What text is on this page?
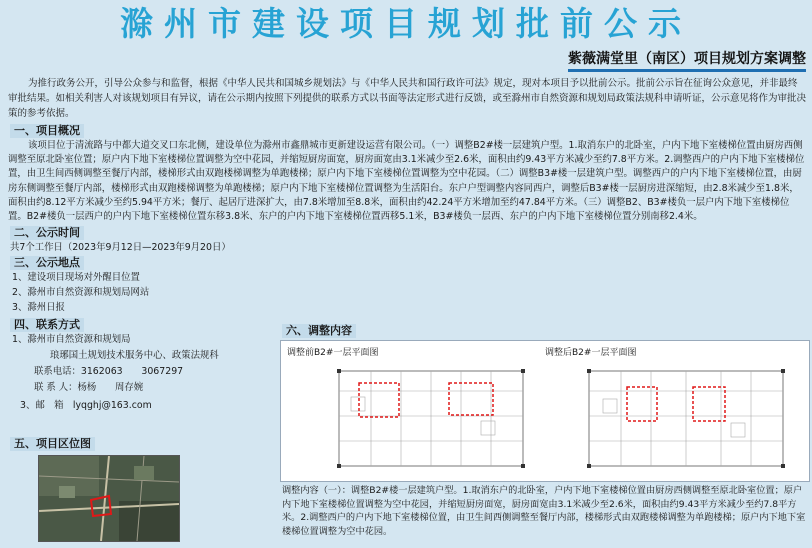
滁州市建设项目规划批前公示
紫薇满堂里（南区）项目规划方案调整

为推行政务公开，引导公众参与和监督，根据《中华人民共和国城乡规划法》与《中华人民共和国行政许可法》规定，现对本项目予以批前公示。批前公示旨在征询公众意见，并非最终审批结果。如相关利害人对该规划项目有异议，请在公示期内按照下列提供的联系方式以书面等法定形式进行反馈，或至滁州市自然资源和规划局政策法规科申请听证，公示意见将作为审批决策的参考依据。

一、项目概况

该项目位于清流路与中都大道交叉口东北侧，建设单位为滁州市鑫鼎城市更新建设运营有限公司。（一）调整B2#楼一层建筑户型。1.取消东户的北卧室，户内下地下室楼梯位置由厨房西侧调整至原北卧室位置；原户内下地下室楼梯位置调整为空中花园，并缩短厨房面宽，厨房面宽由3.1米减少至2.6米，面积由约9.43平方米减少至约7.8平方米。2.调整西户的户内下地下室楼梯位置，由卫生间西侧调整至餐厅内部，楼梯形式由双跑楼梯调整为单跑楼梯；原户内下地下室楼梯位置调整为空中花园。（二）调整B3#楼一层建筑户型。调整西户的户内下地下室楼梯位置，由厨房东侧调整至餐厅内部，楼梯形式由双跑楼梯调整为单跑楼梯；原户内下地下室楼梯位置调整为生活阳台。东户户型调整内容同西户，调整后B3#楼一层厨房进深缩短，由2.8米减少至1.8米，面积由约8.12平方米减少至约5.94平方米；餐厅、起居厅进深扩大，由7.8米增加至8.8米，面积由约42.24平方米增加至约47.84平方米。（三）调整B2、B3#楼负一层户内下地下室楼梯位置。B2#楼负一层西户的户内下地下室楼梯位置东移3.8米、东户的户内下地下室楼梯位置西移5.1米，B3#楼负一层西、东户的户内下地下室楼梯位置分别南移2.4米。

二、公示时间
共7个工作日（2023年9月12日—2023年9月20日）
三、公示地点
1、建设项目现场对外醒目位置
2、滁州市自然资源和规划局网站
3、滁州日报
四、联系方式
1、滁州市自然资源和规划局
琅琊国土规划技术服务中心、政策法规科
联系电话：3162063　　3067297
联 系 人：杨杨　　周存婉
3、邮　箱　lyqghj@163.com
五、项目区位图
六、调整内容
调整前B2#一层平面图	调整后B2#一层平面图

调整内容（一）：调整B2#楼一层建筑户型。1.取消东户的北卧室，户内下地下室楼梯位置由厨房西侧调整至原北卧室位置；原户内下地下室楼梯位置调整为空中花园，并缩短厨房面宽，厨房面宽由3.1米减少至2.6米，面积由约9.43平方米减少至约7.8平方米。2.调整西户的户内下地下室楼梯位置，由卫生间西侧调整至餐厅内部，楼梯形式由双跑楼梯调整为单跑楼梯；原户内下地下室楼梯位置调整为空中花园。
